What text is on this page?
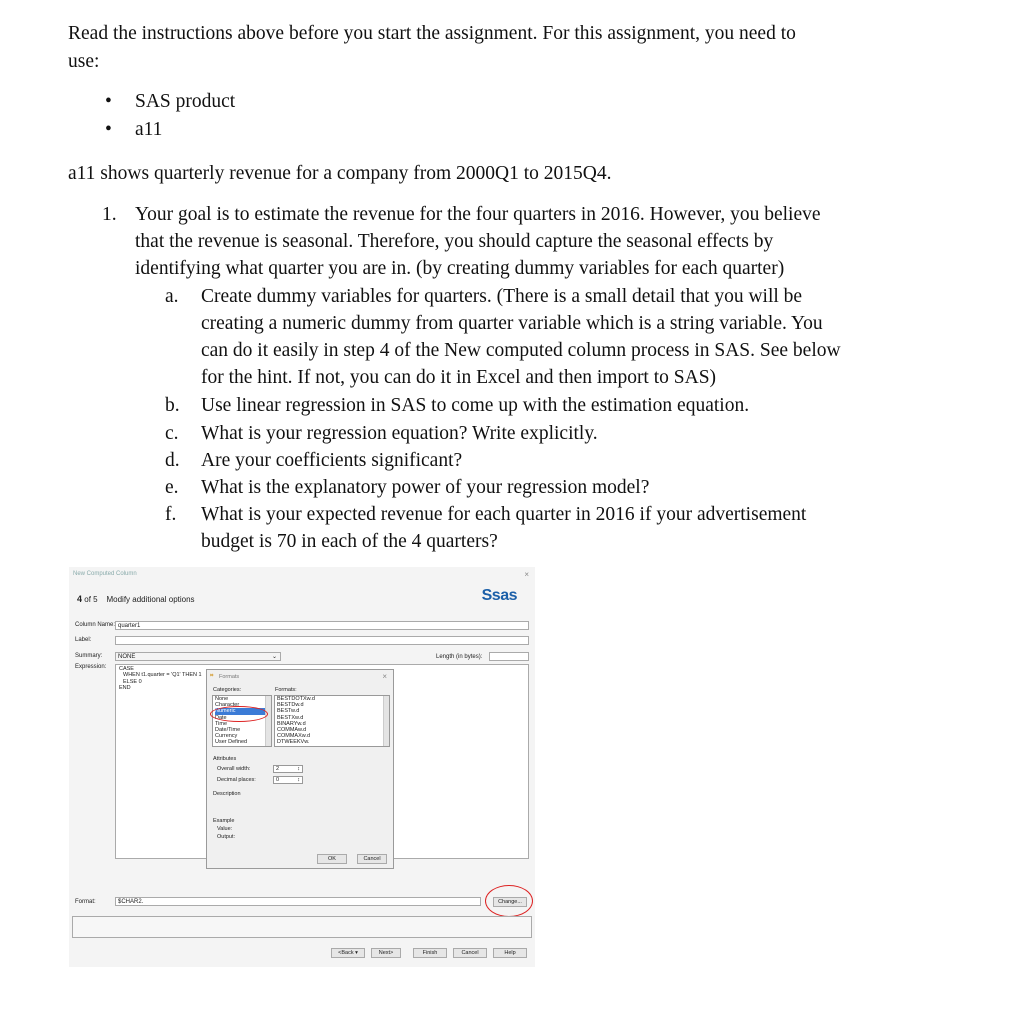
Read the instructions above before you start the assignment. For this assignment, you need to
use:
• SAS product
• a11
a11 shows quarterly revenue for a company from 2000Q1 to 2015Q4.
1. Your goal is to estimate the revenue for the four quarters in 2016. However, you believe
that the revenue is seasonal. Therefore, you should capture the seasonal effects by
identifying what quarter you are in. (by creating dummy variables for each quarter)
a. Create dummy variables for quarters. (There is a small detail that you will be
creating a numeric dummy from quarter variable which is a string variable. You
can do it easily in step 4 of the New computed column process in SAS. See below
for the hint. If not, you can do it in Excel and then import to SAS)
b. Use linear regression in SAS to come up with the estimation equation.
c. What is your regression equation? Write explicitly.
d. Are your coefficients significant?
e. What is the explanatory power of your regression model?
f. What is your expected revenue for each quarter in 2016 if your advertisement
budget is 70 in each of the 4 quarters?
New Computed Column	×
4 of 5 Modify additional options	Ssas
Column Name: quarter1
Label:
Summary:	NONE	⌄	Length (in bytes):
Expression: CASE
WHEN t1.quarter = 'Q1' THEN 1
ELSE 0
END
⌗ Formats	×
Categories:	Formats:
None
Character
Numeric
Date
Time
Date/Time
Currency
User Defined
BESTDOTXw.d
BESTDw.d
BESTw.d
BESTXw.d
BINARYw.d
COMMAw.d
COMMAXw.d
DTWEEKVw.
Attributes
Overall width:	2	↕
Decimal places:	0	↕
Description
Example
Value:
Output:
OK	Cancel
Format:	$CHAR2.	Change...
<Back ▾	Next>	Finish	Cancel	Help
